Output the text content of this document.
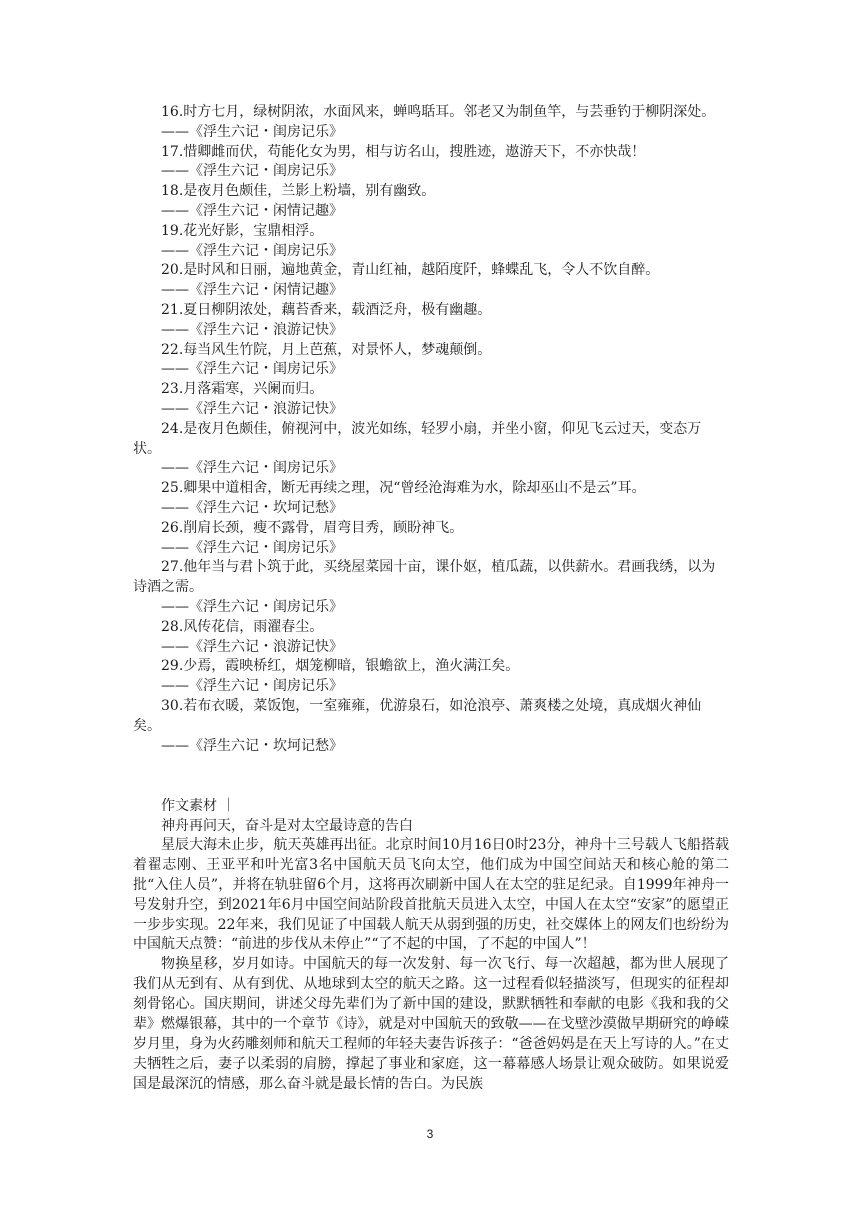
16.时方七月，绿树阴浓，水面风来，蝉鸣聒耳。邻老又为制鱼竿，与芸垂钓于柳阴深处。

——《浮生六记・闺房记乐》

17.惜卿雌而伏，苟能化女为男，相与访名山，搜胜迹，遨游天下，不亦快哉！

——《浮生六记・闺房记乐》

18.是夜月色颇佳，兰影上粉墙，别有幽致。

——《浮生六记・闲情记趣》

19.花光好影，宝鼎相浮。

——《浮生六记・闺房记乐》

20.是时风和日丽，遍地黄金，青山红袖，越陌度阡，蜂蝶乱飞，令人不饮自醉。

——《浮生六记・闲情记趣》

21.夏日柳阴浓处，藕苔香来，载酒泛舟，极有幽趣。

——《浮生六记・浪游记快》

22.每当风生竹院，月上芭蕉，对景怀人，梦魂颠倒。

——《浮生六记・闺房记乐》

23.月落霜寒，兴阑而归。

——《浮生六记・浪游记快》

24.是夜月色颇佳，俯视河中，波光如练，轻罗小扇，并坐小窗，仰见飞云过天，变态万状。

——《浮生六记・闺房记乐》

25.卿果中道相舍，断无再续之理，况“曾经沧海难为水，除却巫山不是云”耳。

——《浮生六记・坎坷记愁》

26.削肩长颈，瘦不露骨，眉弯目秀，顾盼神飞。

——《浮生六记・闺房记乐》

27.他年当与君卜筑于此，买绕屋菜园十亩，课仆妪，植瓜蔬，以供薪水。君画我绣，以为诗酒之需。

——《浮生六记・闺房记乐》

28.风传花信，雨濯春尘。

——《浮生六记・浪游记快》

29.少焉，霞映桥红，烟笼柳暗，银蟾欲上，渔火满江矣。

——《浮生六记・闺房记乐》

30.若布衣暖，菜饭饱，一室雍雍，优游泉石，如沧浪亭、萧爽楼之处境，真成烟火神仙矣。

——《浮生六记・坎坷记愁》

作文素材 ｜

神舟再问天，奋斗是对太空最诗意的告白

星辰大海未止步，航天英雄再出征。北京时间10月16日0时23分，神舟十三号载人飞船搭载着翟志刚、王亚平和叶光富3名中国航天员飞向太空，他们成为中国空间站天和核心舱的第二批“入住人员”，并将在轨驻留6个月，这将再次刷新中国人在太空的驻足纪录。自1999年神舟一号发射升空，到2021年6月中国空间站阶段首批航天员进入太空，中国人在太空“安家”的愿望正一步步实现。22年来，我们见证了中国载人航天从弱到强的历史，社交媒体上的网友们也纷纷为中国航天点赞：“前进的步伐从未停止”“了不起的中国，了不起的中国人”！

物换星移，岁月如诗。中国航天的每一次发射、每一次飞行、每一次超越，都为世人展现了我们从无到有、从有到优、从地球到太空的航天之路。这一过程看似轻描淡写，但现实的征程却刻骨铭心。国庆期间，讲述父母先辈们为了新中国的建设，默默牺牲和奉献的电影《我和我的父辈》燃爆银幕，其中的一个章节《诗》，就是对中国航天的致敬——在戈壁沙漠做早期研究的峥嵘岁月里，身为火药雕刻师和航天工程师的年轻夫妻告诉孩子：“爸爸妈妈是在天上写诗的人。”在丈夫牺牲之后，妻子以柔弱的肩膀，撑起了事业和家庭，这一幕幕感人场景让观众破防。如果说爱国是最深沉的情感，那么奋斗就是最长情的告白。为民族

3
